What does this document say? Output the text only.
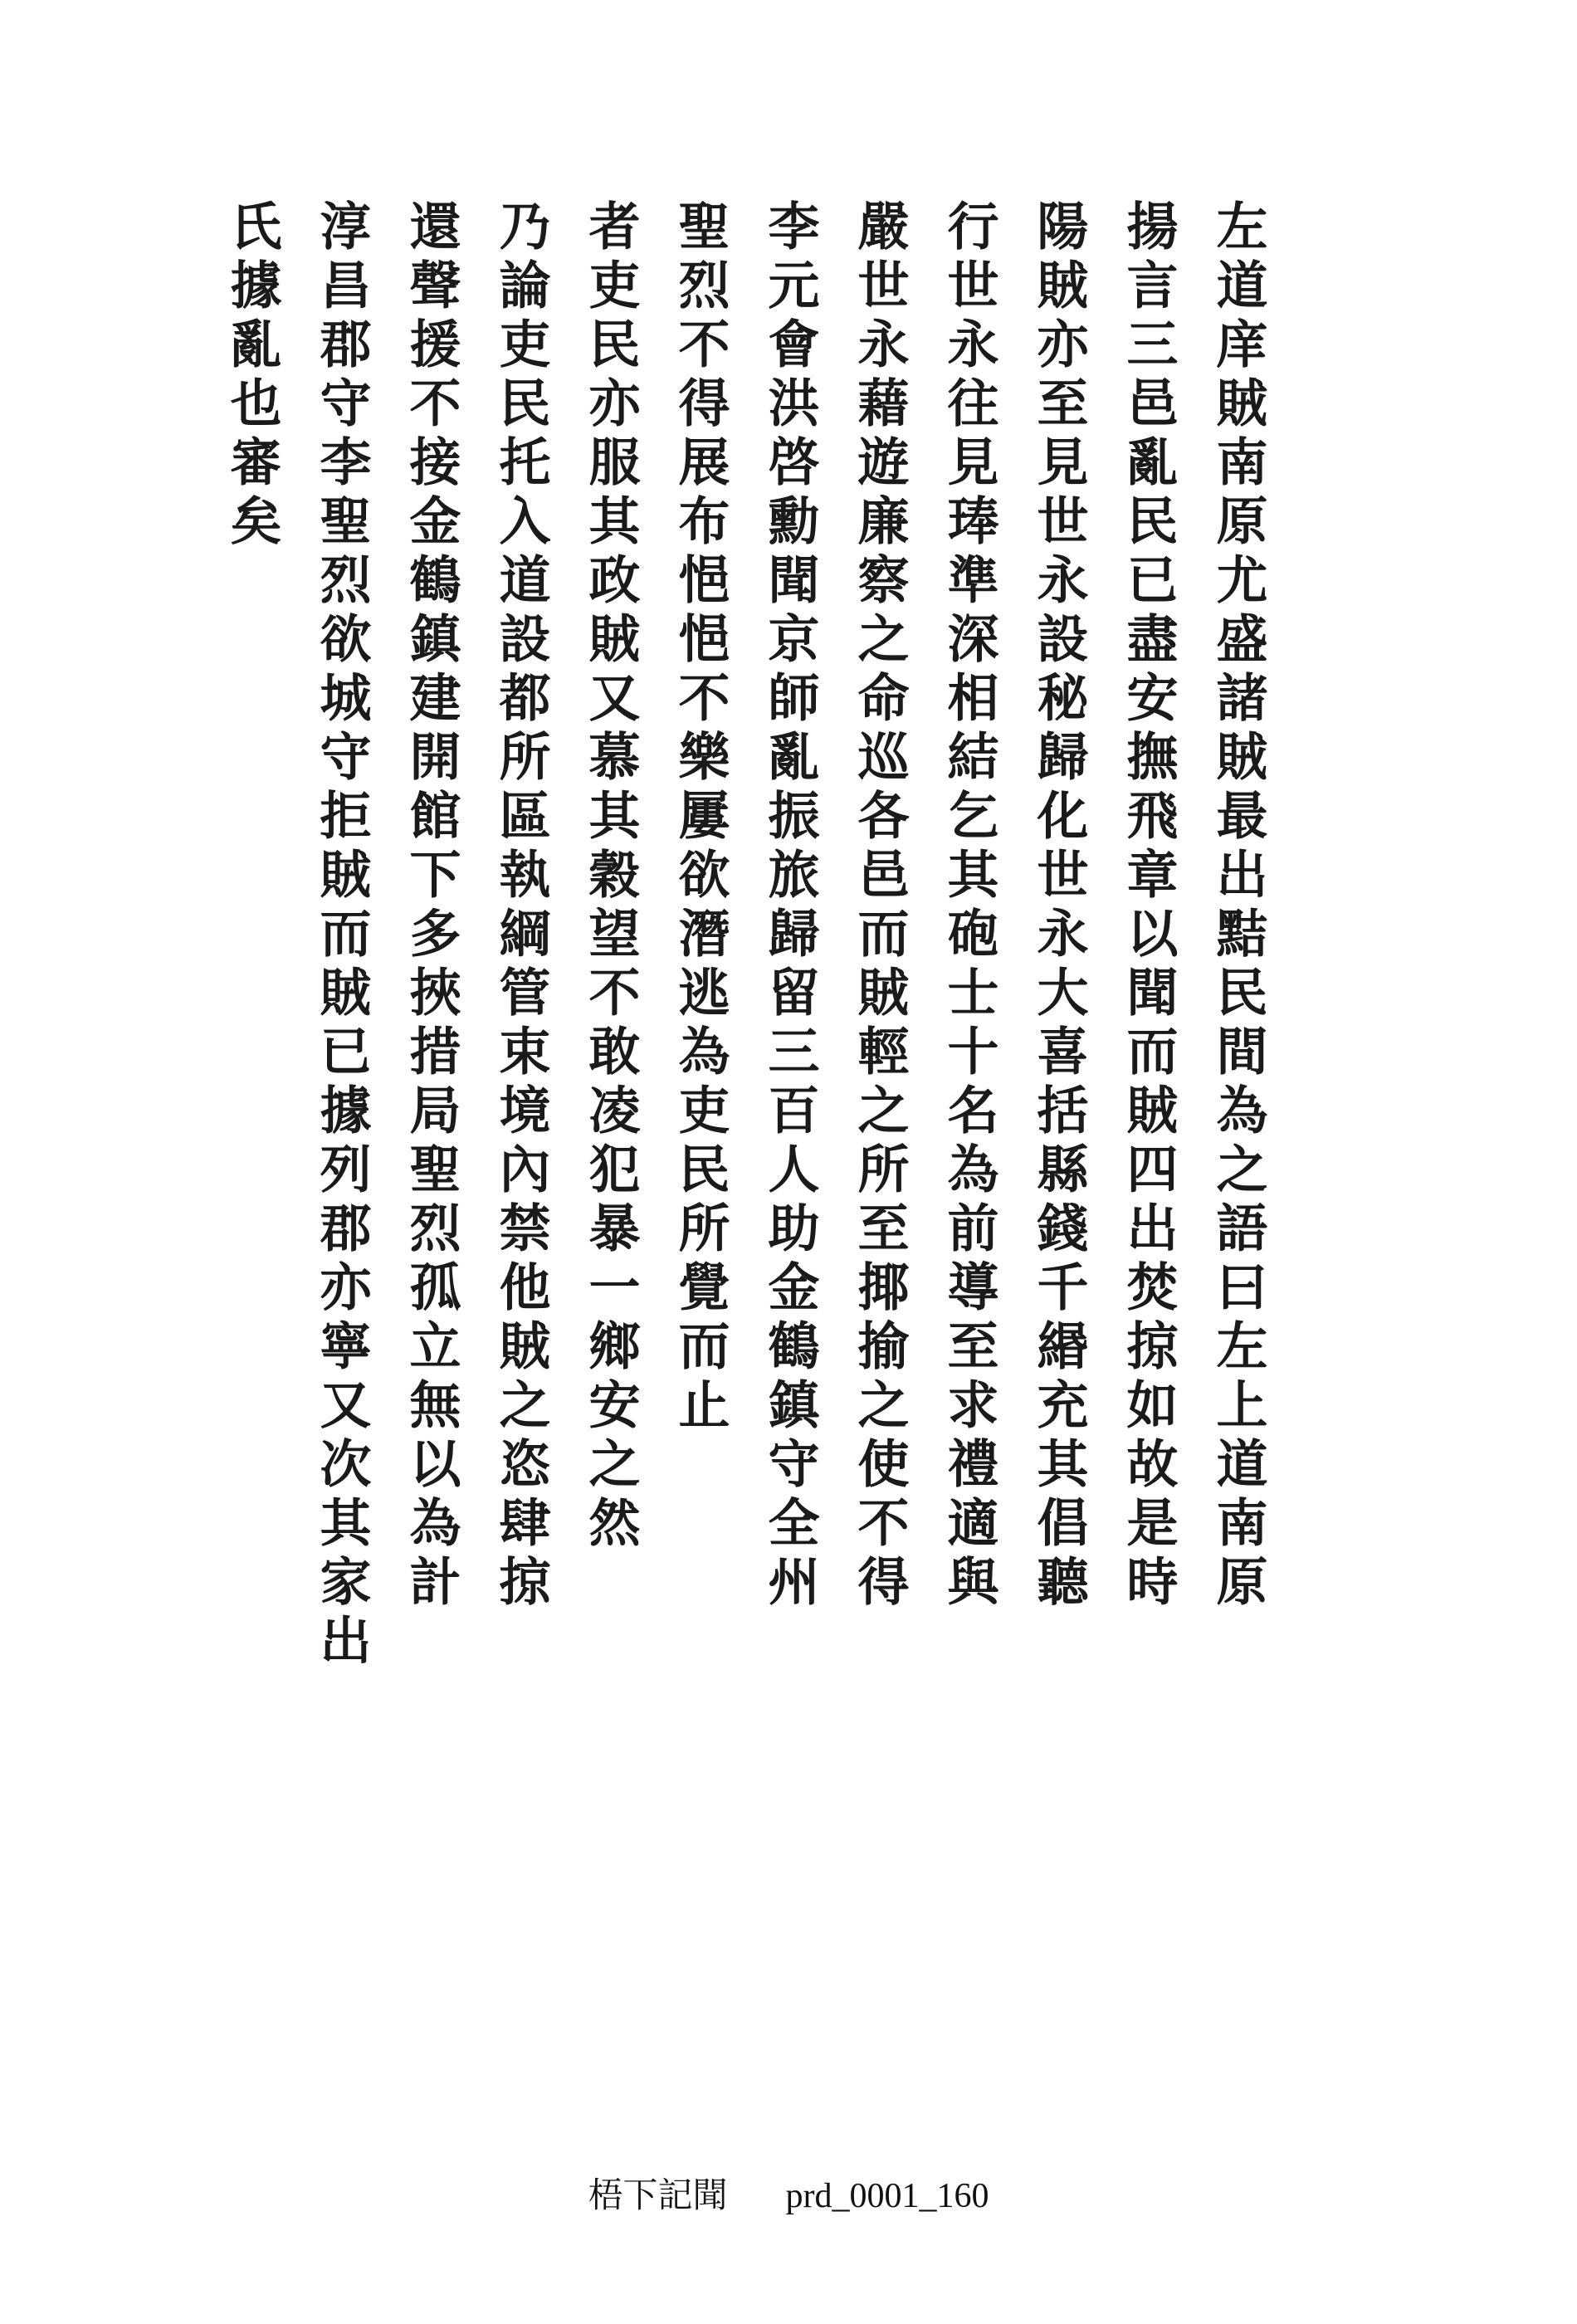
氏據亂也審矣 淳昌郡守李聖烈欲城守拒賊而賊已據列郡亦寧又次其家出 還聲援不接金鶴鎮建開館下多挾措局聖烈孤立無以為計 乃論吏民托入道設都所區執綱管束境內禁他賊之恣肆掠 者吏民亦服其政賊又慕其穀望不敢凌犯暴一鄉安之然 聖烈不得展布悒悒不樂屢欲潛逃為吏民所覺而止 李元會洪啓勳聞京師亂振旅歸留三百人助金鶴鎮守全州 嚴世永藉遊廉察之命巡各邑而賊輕之所至揶揄之使不得 行世永往見琫準深相結乞其砲士十名為前導至求禮適與 陽賊亦至見世永設秘歸化世永大喜括縣錢千緡充其倡聽 揚言三邑亂民已盡安撫飛章以聞而賊四出焚掠如故是時 左道庠賊南原尤盛諸賊最出黠民間為之語曰左上道南原
梧下記聞 prd_0001_160
